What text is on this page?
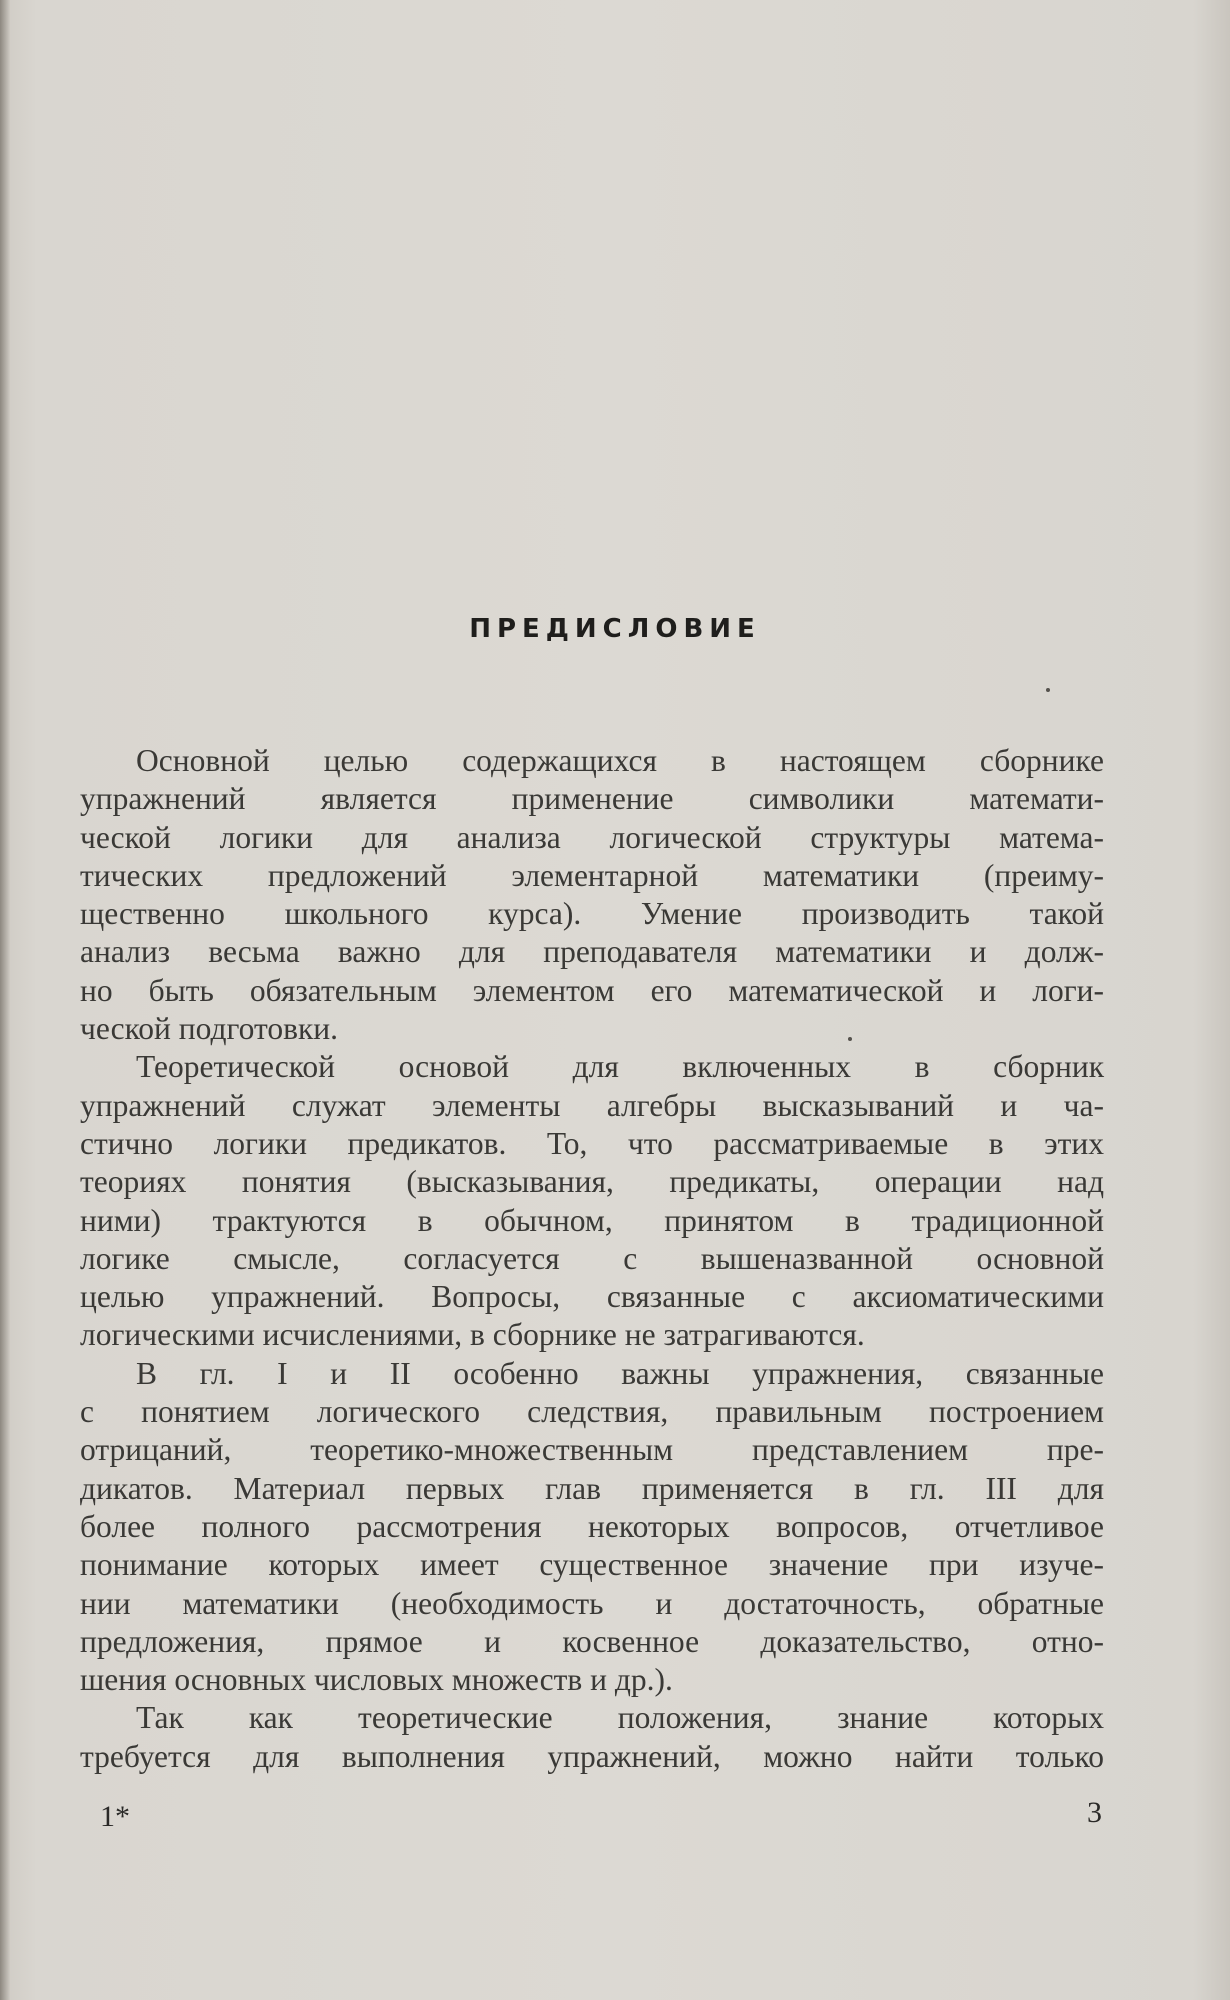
ПРЕДИСЛОВИЕ

Основной целью содержащихся в настоящем сборнике
упражнений является применение символики математи-
ческой логики для анализа логической структуры матема-
тических предложений элементарной математики (преиму-
щественно школьного курса). Умение производить такой
анализ весьма важно для преподавателя математики и долж-
но быть обязательным элементом его математической и логи-
ческой подготовки.

Теоретической основой для включенных в сборник
упражнений служат элементы алгебры высказываний и ча-
стично логики предикатов. То, что рассматриваемые в этих
теориях понятия (высказывания, предикаты, операции над
ними) трактуются в обычном, принятом в традиционной
логике смысле, согласуется с вышеназванной основной
целью упражнений. Вопросы, связанные с аксиоматическими
логическими исчислениями, в сборнике не затрагиваются.

В гл. I и II особенно важны упражнения, связанные
с понятием логического следствия, правильным построением
отрицаний, теоретико-множественным представлением пре-
дикатов. Материал первых глав применяется в гл. III для
более полного рассмотрения некоторых вопросов, отчетливое
понимание которых имеет существенное значение при изуче-
нии математики (необходимость и достаточность, обратные
предложения, прямое и косвенное доказательство, отно-
шения основных числовых множеств и др.).

Так как теоретические положения, знание которых
требуется для выполнения упражнений, можно найти только

1*	3
